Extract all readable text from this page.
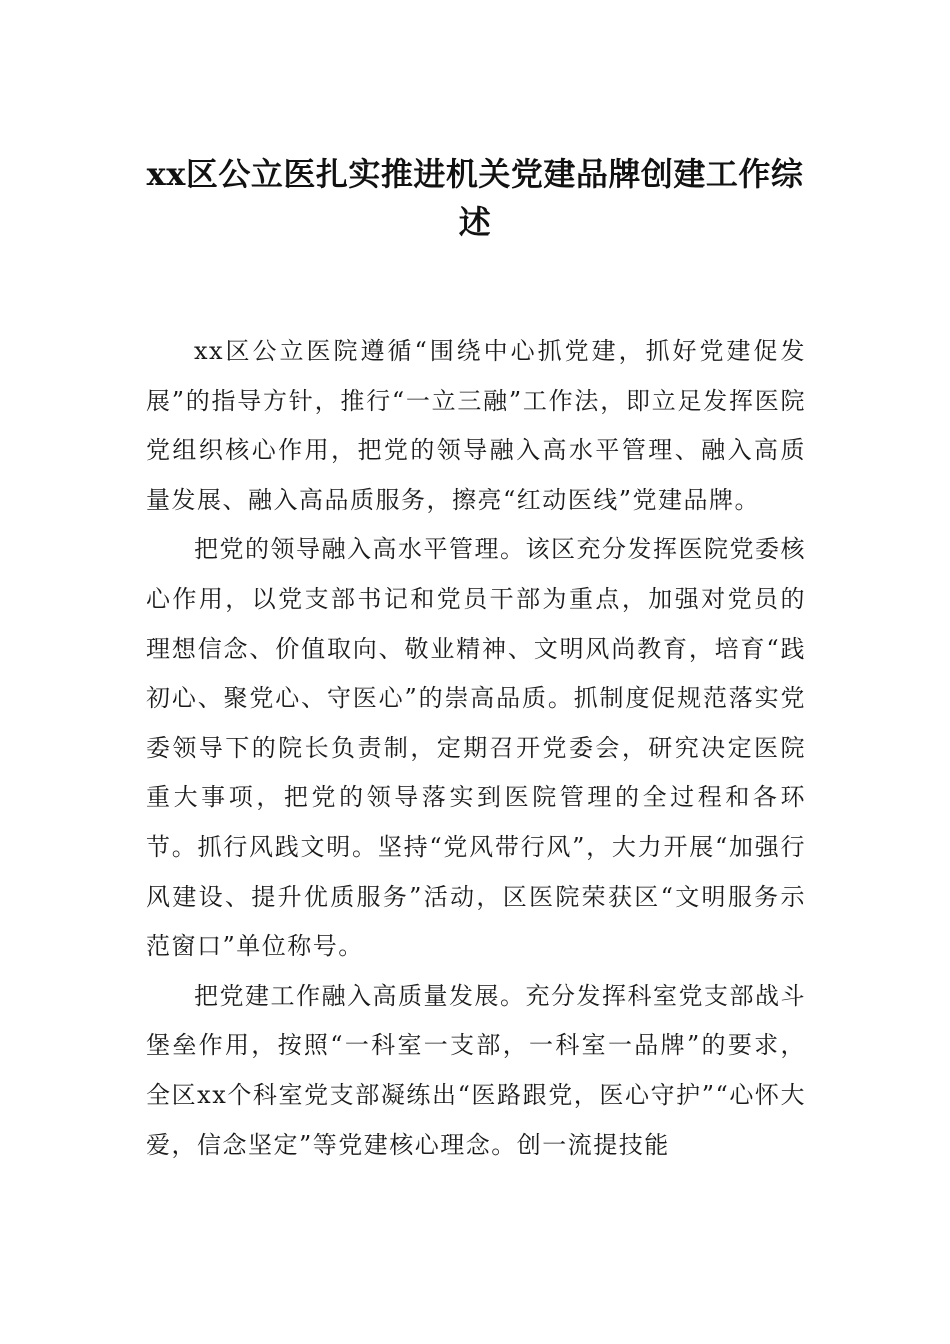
xx区公立医扎实推进机关党建品牌创建工作综述

xx区公立医院遵循“围绕中心抓党建，抓好党建促发展”的指导方针，推行“一立三融”工作法，即立足发挥医院党组织核心作用，把党的领导融入高水平管理、融入高质量发展、融入高品质服务，擦亮“红动医线”党建品牌。

把党的领导融入高水平管理。该区充分发挥医院党委核心作用，以党支部书记和党员干部为重点，加强对党员的理想信念、价值取向、敬业精神、文明风尚教育，培育“践初心、聚党心、守医心”的崇高品质。抓制度促规范落实党委领导下的院长负责制，定期召开党委会，研究决定医院重大事项，把党的领导落实到医院管理的全过程和各环节。抓行风践文明。坚持“党风带行风”，大力开展“加强行风建设、提升优质服务”活动，区医院荣获区“文明服务示范窗口”单位称号。

把党建工作融入高质量发展。充分发挥科室党支部战斗堡垒作用，按照“一科室一支部，一科室一品牌”的要求，全区xx个科室党支部凝练出“医路跟党，医心守护”“心怀大爱，信念坚定”等党建核心理念。创一流提技能
